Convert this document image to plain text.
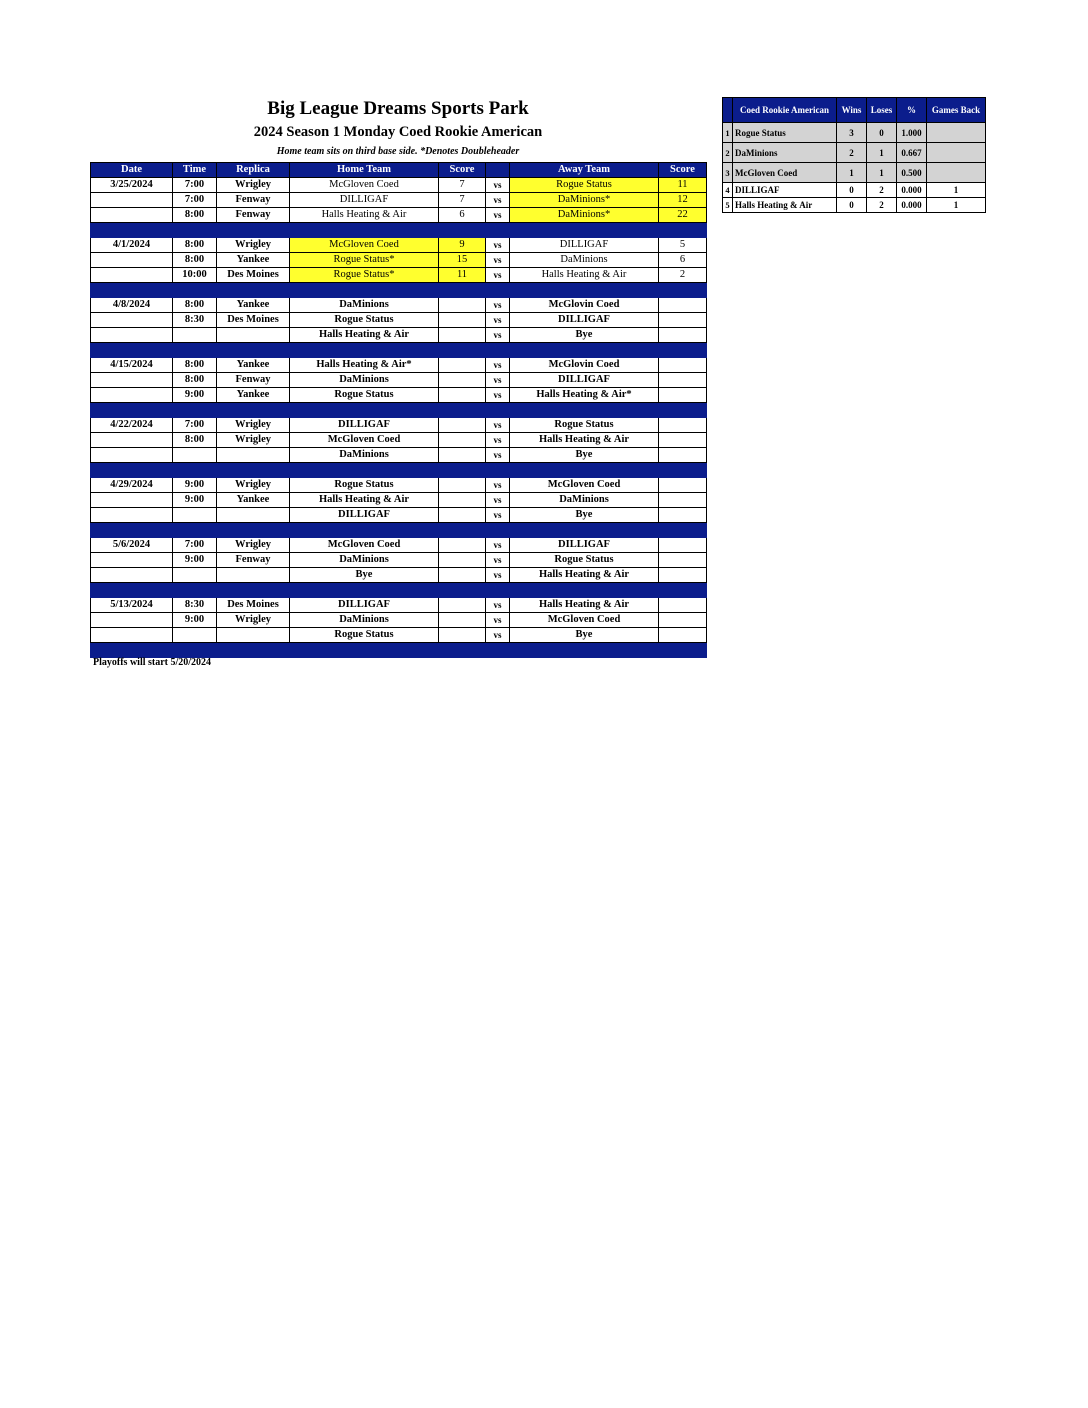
Big League Dreams Sports Park
2024 Season 1 Monday Coed Rookie American
Home team sits on third base side. *Denotes Doubleheader
Date	Time	Replica	Home Team	Score		Away Team	Score
3/25/2024	7:00	Wrigley	McGloven Coed	7	vs	Rogue Status	11
	7:00	Fenway	DILLIGAF	7	vs	DaMinions*	12
	8:00	Fenway	Halls Heating & Air	6	vs	DaMinions*	22

4/1/2024	8:00	Wrigley	McGloven Coed	9	vs	DILLIGAF	5
	8:00	Yankee	Rogue Status*	15	vs	DaMinions	6
	10:00	Des Moines	Rogue Status*	11	vs	Halls Heating & Air	2

4/8/2024	8:00	Yankee	DaMinions		vs	McGlovin Coed	
	8:30	Des Moines	Rogue Status		vs	DILLIGAF	
			Halls Heating & Air		vs	Bye	

4/15/2024	8:00	Yankee	Halls Heating & Air*		vs	McGlovin Coed	
	8:00	Fenway	DaMinions		vs	DILLIGAF	
	9:00	Yankee	Rogue Status		vs	Halls Heating & Air*	

4/22/2024	7:00	Wrigley	DILLIGAF		vs	Rogue Status	
	8:00	Wrigley	McGloven Coed		vs	Halls Heating & Air	
			DaMinions		vs	Bye	

4/29/2024	9:00	Wrigley	Rogue Status		vs	McGloven Coed	
	9:00	Yankee	Halls Heating & Air		vs	DaMinions	
			DILLIGAF		vs	Bye	

5/6/2024	7:00	Wrigley	McGloven Coed		vs	DILLIGAF	
	9:00	Fenway	DaMinions		vs	Rogue Status	
			Bye		vs	Halls Heating & Air	

5/13/2024	8:30	Des Moines	DILLIGAF		vs	Halls Heating & Air	
	9:00	Wrigley	DaMinions		vs	McGloven Coed	
			Rogue Status		vs	Bye	

Playoffs will start 5/20/2024
	Coed Rookie American	Wins	Loses	%	Games Back
1	Rogue Status	3	0	1.000	
2	DaMinions	2	1	0.667	
3	McGloven Coed	1	1	0.500	
4	DILLIGAF	0	2	0.000	1
5	Halls Heating & Air	0	2	0.000	1
